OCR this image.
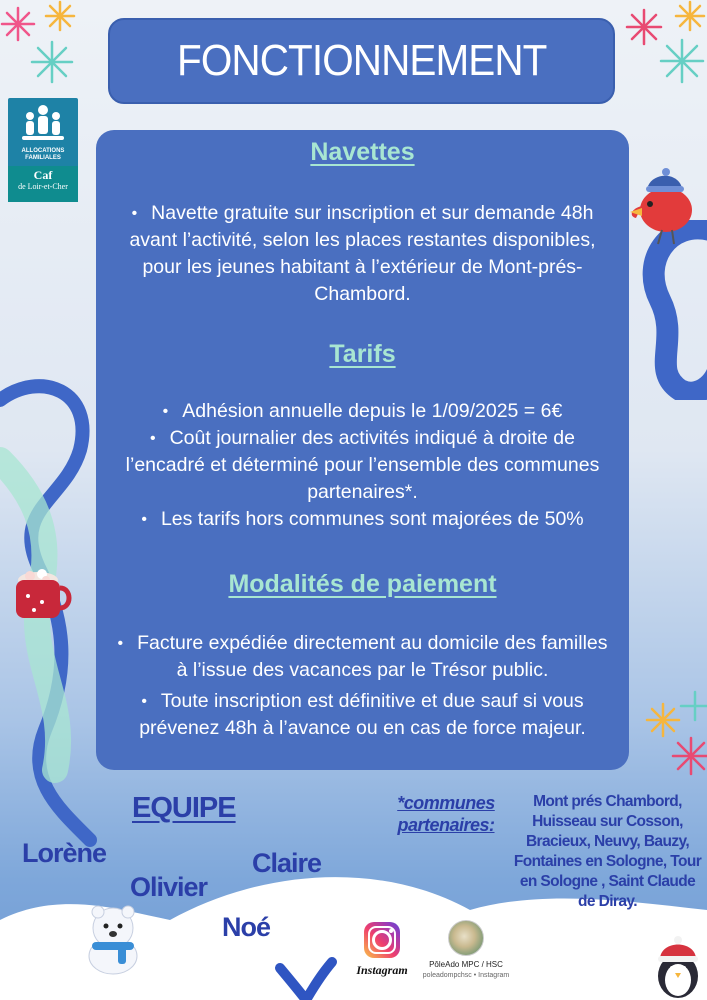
FONCTIONNEMENT
ALLOCATIONS
FAMILIALES
Caf
de Loir-et-Cher
Navettes
• Navette gratuite sur inscription et sur demande 48h avant l’activité, selon les places restantes disponibles, pour les jeunes habitant à l’extérieur de Mont-prés-Chambord.
Tarifs
• Adhésion annuelle depuis le 1/09/2025 = 6€
• Coût journalier des activités indiqué à droite de l’encadré et déterminé pour l’ensemble des communes partenaires*.
• Les tarifs hors communes sont majorées de 50%
Modalités de paiement
• Facture expédiée directement au domicile des familles à l’issue des vacances par le Trésor public.
• Toute inscription est définitive et due sauf si vous prévenez 48h à l’avance ou en cas de force majeur.
EQUIPE
Lorène
Olivier
Claire
Noé
*communes partenaires:
Mont prés Chambord, Huisseau sur Cosson, Bracieux, Neuvy, Bauzy, Fontaines en Sologne, Tour en Sologne , Saint Claude de Diray.
Instagram	PôleAdo MPC / HSC
poleadompchsc • Instagram
